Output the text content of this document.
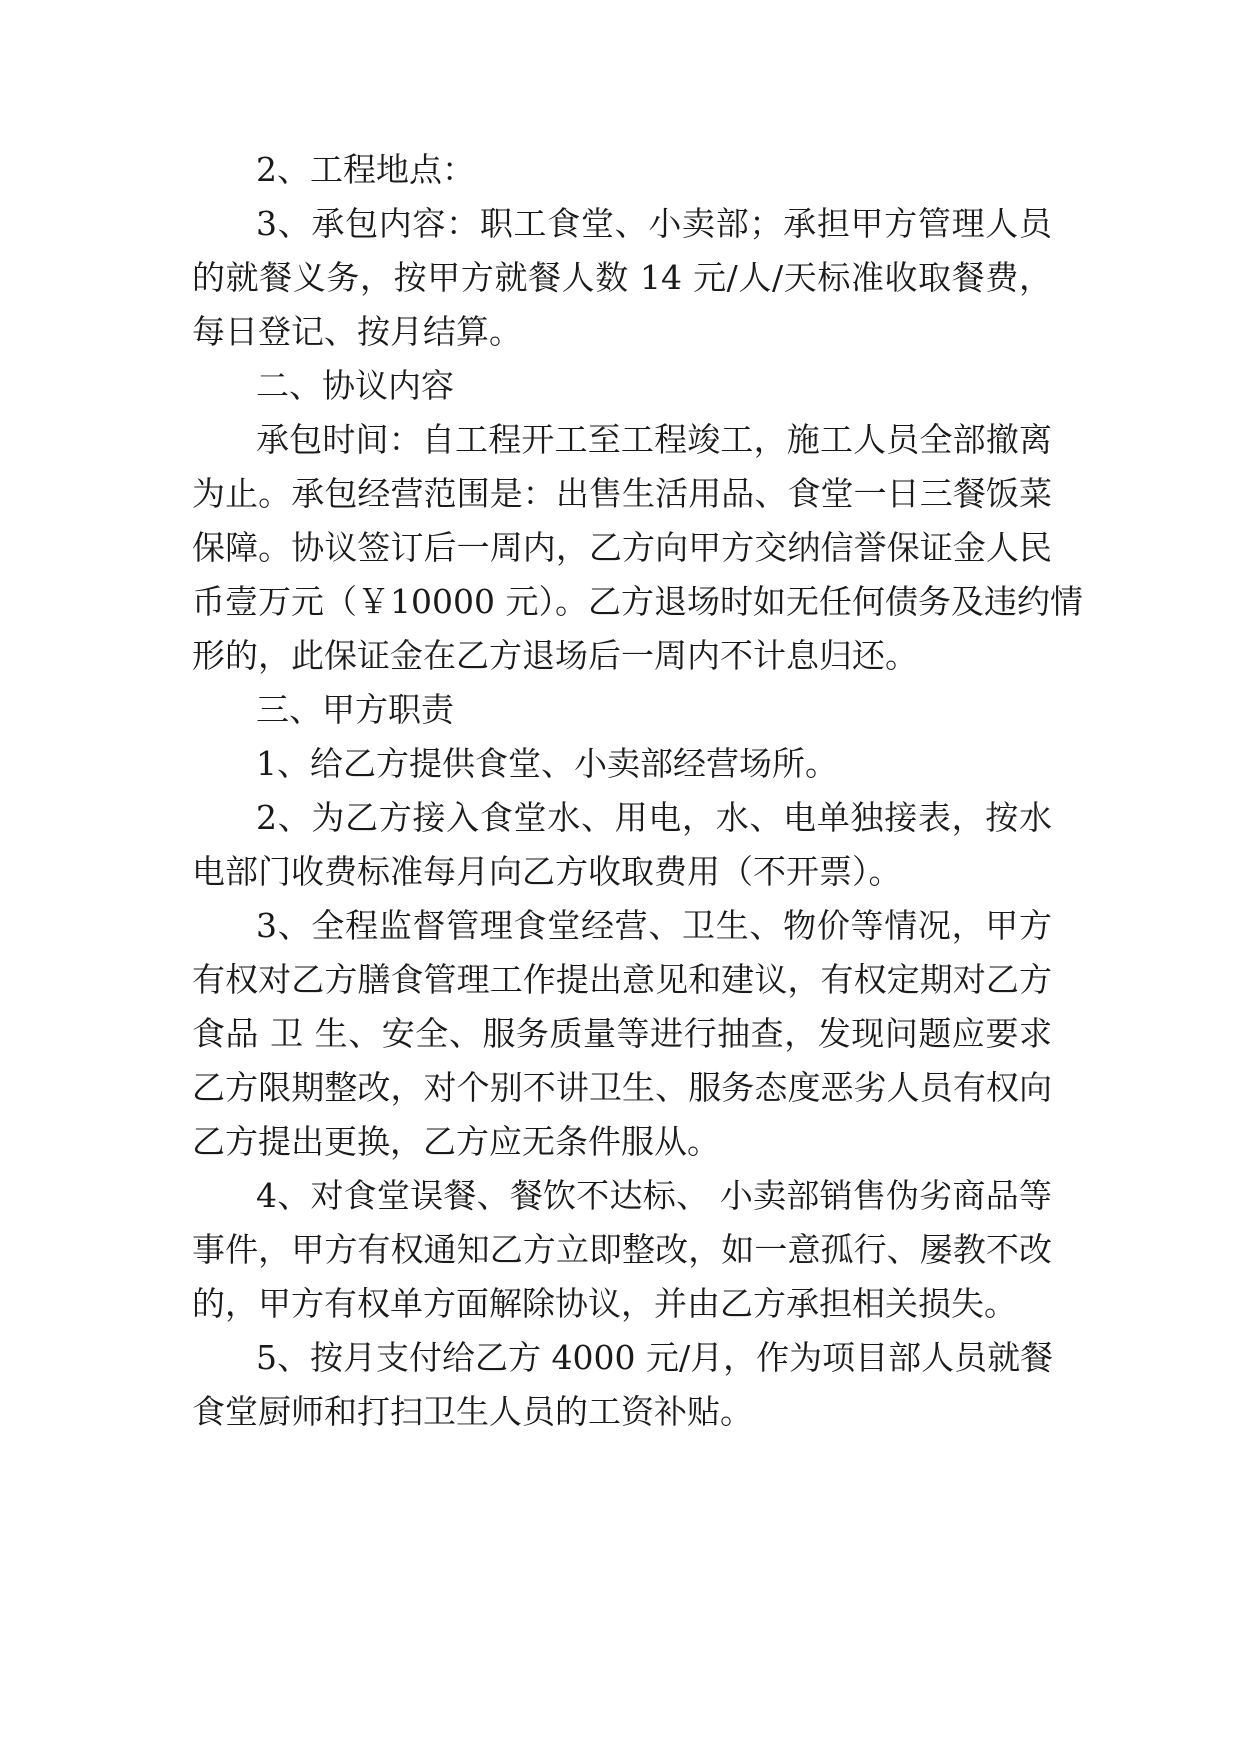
2、工程地点：
3、承包内容：职工食堂、小卖部；承担甲方管理人员
的就餐义务，按甲方就餐人数 14 元/人/天标准收取餐费，
每日登记、按月结算。
二、协议内容
承包时间：自工程开工至工程竣工，施工人员全部撤离
为止。承包经营范围是：出售生活用品、食堂一日三餐饭菜
保障。协议签订后一周内，乙方向甲方交纳信誉保证金人民
币壹万元（￥10000 元）。乙方退场时如无任何债务及违约情
形的，此保证金在乙方退场后一周内不计息归还。
三、甲方职责
1、给乙方提供食堂、小卖部经营场所。
2、为乙方接入食堂水、用电，水、电单独接表，按水
电部门收费标准每月向乙方收取费用（不开票）。
3、全程监督管理食堂经营、卫生、物价等情况，甲方
有权对乙方膳食管理工作提出意见和建议，有权定期对乙方
食品 卫 生、安全、服务质量等进行抽查，发现问题应要求
乙方限期整改，对个别不讲卫生、服务态度恶劣人员有权向
乙方提出更换，乙方应无条件服从。
4、对食堂误餐、餐饮不达标、 小卖部销售伪劣商品等
事件，甲方有权通知乙方立即整改，如一意孤行、屡教不改
的，甲方有权单方面解除协议，并由乙方承担相关损失。
5、按月支付给乙方 4000 元/月，作为项目部人员就餐
食堂厨师和打扫卫生人员的工资补贴。
